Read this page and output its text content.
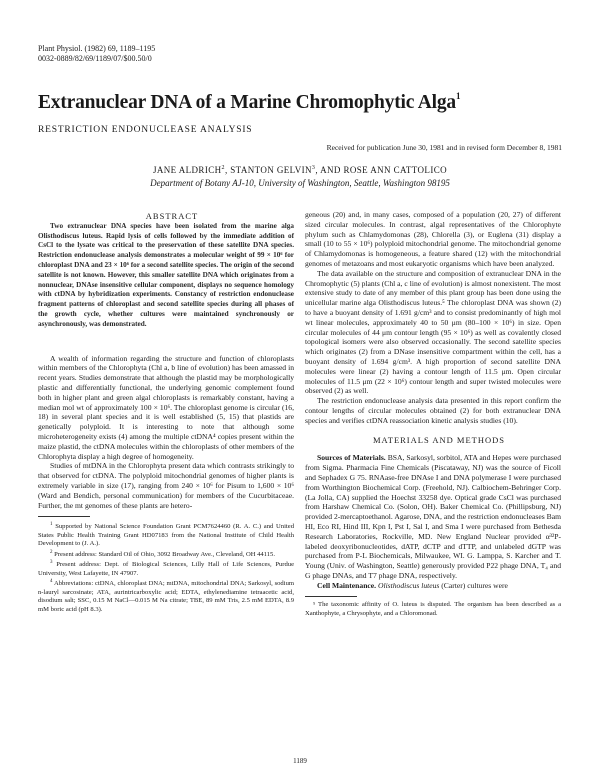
Plant Physiol. (1982) 69, 1189–1195
0032-0889/82/69/1189/07/$00.50/0
Extranuclear DNA of a Marine Chromophytic Alga$^1$
RESTRICTION ENDONUCLEASE ANALYSIS
Received for publication June 30, 1981 and in revised form December 8, 1981
JANE ALDRICH$^2$, STANTON GELVIN$^3$, AND ROSE ANN CATTOLICO
Department of Botany AJ-10, University of Washington, Seattle, Washington 98195

ABSTRACT

Two extranuclear DNA species have been isolated from the marine alga Olisthodiscus luteus. Rapid lysis of cells followed by the immediate addition of CsCl to the lysate was critical to the preservation of these satellite DNA species. Restriction endonuclease analysis demonstrates a molecular weight of 99 × 10⁶ for chloroplast DNA and 23 × 10⁶ for a second satellite species. The origin of the second satellite is not known. However, this smaller satellite DNA which originates from a nonnuclear, DNAse insensitive cellular component, displays no sequence homology with ctDNA by hybridization experiments. Constancy of restriction endonuclease fragment patterns of chloroplast and second satellite species during all phases of the growth cycle, whether cultures were maintained synchronously or asynchronously, was demonstrated.

A wealth of information regarding the structure and function of chloroplasts within members of the Chlorophyta (Chl a, b line of evolution) has been amassed in recent years. Studies demonstrate that although the plastid may be morphologically plastic and differentially functional, the underlying genomic complement found both in higher plant and green algal chloroplasts is remarkably constant, having a median mol wt of approximately 100 × 10⁶. The chloroplast genome is circular (16, 18) in several plant species and it is well established (5, 15) that plastids are genetically polyploid. It is interesting to note that although some microheterogeneity exists (4) among the multiple ctDNA⁴ copies present within the maize plastid, the ctDNA molecules within the chloroplasts of other members of the Chlorophyta display a high degree of homogeneity.

Studies of mtDNA in the Chlorophyta present data which contrasts strikingly to that observed for ctDNA. The polyploid mitochondrial genomes of higher plants is extremely variable in size (17), ranging from 240 × 10⁶ for Pisum to 1,600 × 10⁶ (Ward and Bendich, personal communication) for members of the Cucurbitaceae. Further, the mt genomes of these plants are hetero-

$^1$ Supported by National Science Foundation Grant PCM7624460 (R. A. C.) and United States Public Health Training Grant HD07183 from the National Institute of Child Health Development to (J. A.).

$^2$ Present address: Standard Oil of Ohio, 3092 Broadway Ave., Cleveland, OH 44115.

$^3$ Present address: Dept. of Biological Sciences, Lilly Hall of Life Sciences, Purdue University, West Lafayette, IN 47907.

$^4$ Abbreviations: ctDNA, chloroplast DNA; mtDNA, mitochondrial DNA; Sarkosyl, sodium n-lauryl sarcosinate; ATA, aurintricarboxylic acid; EDTA, ethylenediamine tetraacetic acid, disodium salt; SSC, 0.15 M NaCl—0.015 M Na citrate; TBE, 89 mM Tris, 2.5 mM EDTA, 8.9 mM boric acid (pH 8.3).

geneous (20) and, in many cases, composed of a population (20, 27) of different sized circular molecules. In contrast, algal representatives of the Chlorophyte phylum such as Chlamydomonas (28), Chlorella (3), or Euglena (31) display a small (10 to 55 × 10⁶) polyploid mitochondrial genome. The mitochondrial genome of Chlamydomonas is homogeneous, a feature shared (12) with the mitochondrial genomes of metazoans and most eukaryotic organisms which have been analyzed.

The data available on the structure and composition of extranuclear DNA in the Chromophytic (5) plants (Chl a, c line of evolution) is almost nonexistent. The most extensive study to date of any member of this plant group has been done using the unicellular marine alga Olisthodiscus luteus.⁵ The chloroplast DNA was shown (2) to have a buoyant density of 1.691 g/cm³ and to consist predominantly of high mol wt linear molecules, approximately 40 to 50 μm (80–100 × 10⁶) in size. Open circular molecules of 44 μm contour length (95 × 10⁶) as well as covalently closed topological isomers were also observed occasionally. The second satellite species which originates (2) from a DNase insensitive compartment within the cell, has a buoyant density of 1.694 g/cm³. A high proportion of second satellite DNA molecules were linear (2) having a contour length of 11.5 μm. Open circular molecules of 11.5 μm (22 × 10⁶) contour length and super twisted molecules were observed (2) as well.

The restriction endonuclease analysis data presented in this report confirm the contour lengths of circular molecules obtained (2) for both extranuclear DNA species and verifies ctDNA reassociation kinetic analysis studies (10).

MATERIALS AND METHODS

Sources of Materials. BSA, Sarkosyl, sorbitol, ATA and Hepes were purchased from Sigma. Pharmacia Fine Chemicals (Piscataway, NJ) was the source of Ficoll and Sephadex G 75. RNAase-free DNAse I and DNA polymerase I were purchased from Worthington Biochemical Corp. (Freehold, NJ). Calbiochem-Behringer Corp. (La Jolla, CA) supplied the Hoechst 33258 dye. Optical grade CsCl was purchased from Harshaw Chemical Co. (Solon, OH). Baker Chemical Co. (Phillipsburg, NJ) provided 2-mercaptoethanol. Agarose, DNA, and the restriction endonucleases Bam HI, Eco RI, Hind III, Kpn I, Pst I, Sal I, and Sma I were purchased from Bethesda Research Laboratories, Rockville, MD. New England Nuclear provided α³²P-labeled deoxyribonucleotides, dATP, dCTP and dTTP, and unlabeled dGTP was purchased from P-L Biochemicals, Milwaukee, WI. G. Lamppa, S. Karcher and T. Young (Univ. of Washington, Seattle) generously provided P22 phage DNA, T₄ and G phage DNAs, and T7 phage DNA, respectively.

Cell Maintenance. Olisthodiscus luteus (Carter) cultures were

⁵ The taxonomic affinity of O. luteus is disputed. The organism has been described as a Xanthophyte, a Chrysophyte, and a Chloromonad.

1189
